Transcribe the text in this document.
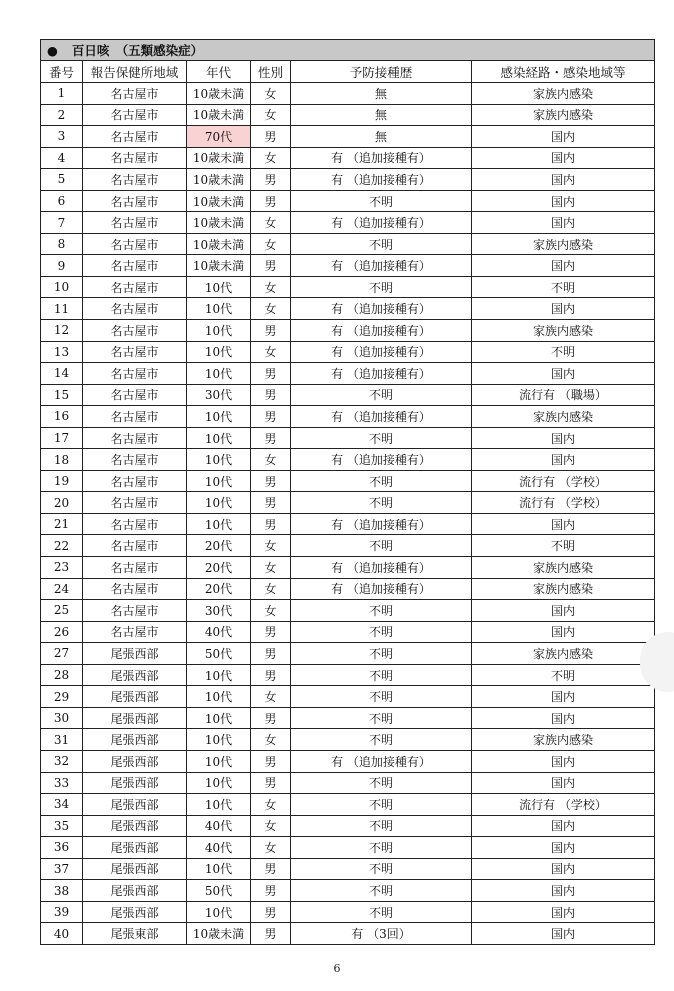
● 百日咳　（五類感染症）					
番号	報告保健所地域	年代	性別	予防接種歴	感染経路・感染地域等
1	名古屋市	10歳未満	女	無	家族内感染
2	名古屋市	10歳未満	女	無	家族内感染
3	名古屋市	70代	男	無	国内
4	名古屋市	10歳未満	女	有 （追加接種有）	国内
5	名古屋市	10歳未満	男	有 （追加接種有）	国内
6	名古屋市	10歳未満	男	不明	国内
7	名古屋市	10歳未満	女	有 （追加接種有）	国内
8	名古屋市	10歳未満	女	不明	家族内感染
9	名古屋市	10歳未満	男	有 （追加接種有）	国内
10	名古屋市	10代	女	不明	不明
11	名古屋市	10代	女	有 （追加接種有）	国内
12	名古屋市	10代	男	有 （追加接種有）	家族内感染
13	名古屋市	10代	女	有 （追加接種有）	不明
14	名古屋市	10代	男	有 （追加接種有）	国内
15	名古屋市	30代	男	不明	流行有 （職場）
16	名古屋市	10代	男	有 （追加接種有）	家族内感染
17	名古屋市	10代	男	不明	国内
18	名古屋市	10代	女	有 （追加接種有）	国内
19	名古屋市	10代	男	不明	流行有 （学校）
20	名古屋市	10代	男	不明	流行有 （学校）
21	名古屋市	10代	男	有 （追加接種有）	国内
22	名古屋市	20代	女	不明	不明
23	名古屋市	20代	女	有 （追加接種有）	家族内感染
24	名古屋市	20代	女	有 （追加接種有）	家族内感染
25	名古屋市	30代	女	不明	国内
26	名古屋市	40代	男	不明	国内
27	尾張西部	50代	男	不明	家族内感染
28	尾張西部	10代	男	不明	不明
29	尾張西部	10代	女	不明	国内
30	尾張西部	10代	男	不明	国内
31	尾張西部	10代	女	不明	家族内感染
32	尾張西部	10代	男	有 （追加接種有）	国内
33	尾張西部	10代	男	不明	国内
34	尾張西部	10代	女	不明	流行有 （学校）
35	尾張西部	40代	女	不明	国内
36	尾張西部	40代	女	不明	国内
37	尾張西部	10代	男	不明	国内
38	尾張西部	50代	男	不明	国内
39	尾張西部	10代	男	不明	国内
40	尾張東部	10歳未満	男	有 （3回）	国内
6
